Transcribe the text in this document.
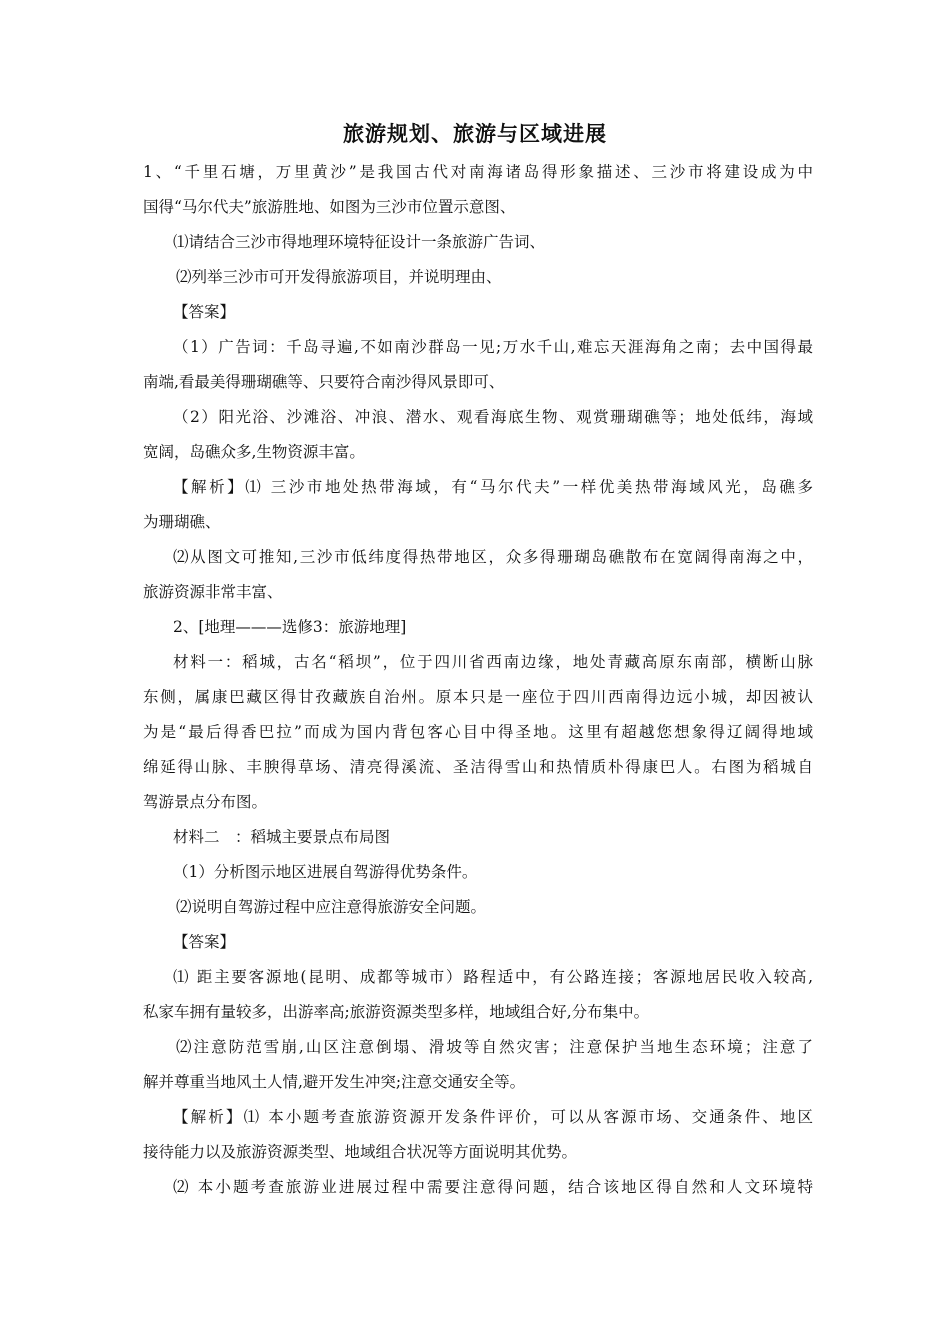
旅游规划、旅游与区域进展
1、“千里石塘，万里黄沙”是我国古代对南海诸岛得形象描述、三沙市将建设成为中
国得“马尔代夫”旅游胜地、如图为三沙市位置示意图、
⑴请结合三沙市得地理环境特征设计一条旅游广告词、
⑵列举三沙市可开发得旅游项目，并说明理由、
【答案】
（1）广告词：千岛寻遍,不如南沙群岛一见;万水千山,难忘天涯海角之南；去中国得最
南端,看最美得珊瑚礁等、只要符合南沙得风景即可、
（2）阳光浴、沙滩浴、冲浪、潜水、观看海底生物、观赏珊瑚礁等；地处低纬，海域
宽阔，岛礁众多,生物资源丰富。
【解析】⑴ 三沙市地处热带海域，有“马尔代夫”一样优美热带海域风光，岛礁多
为珊瑚礁、
⑵从图文可推知,三沙市低纬度得热带地区，众多得珊瑚岛礁散布在宽阔得南海之中，
旅游资源非常丰富、
2、[地理———选修3：旅游地理]
材料一：稻城，古名“稻坝”，位于四川省西南边缘，地处青藏高原东南部，横断山脉
东侧，属康巴藏区得甘孜藏族自治州。原本只是一座位于四川西南得边远小城，却因被认
为是“最后得香巴拉”而成为国内背包客心目中得圣地。这里有超越您想象得辽阔得地域
绵延得山脉、丰腴得草场、清亮得溪流、圣洁得雪山和热情质朴得康巴人。右图为稻城自
驾游景点分布图。
材料二　：稻城主要景点布局图
（1）分析图示地区进展自驾游得优势条件。
⑵说明自驾游过程中应注意得旅游安全问题。
【答案】
⑴ 距主要客源地(昆明、成都等城市）路程适中，有公路连接；客源地居民收入较高,
私家车拥有量较多，出游率高;旅游资源类型多样，地域组合好,分布集中。
⑵注意防范雪崩,山区注意倒塌、滑坡等自然灾害；注意保护当地生态环境；注意了
解并尊重当地风土人情,避开发生冲突;注意交通安全等。
【解析】⑴ 本小题考查旅游资源开发条件评价，可以从客源市场、交通条件、地区
接待能力以及旅游资源类型、地域组合状况等方面说明其优势。
⑵ 本小题考查旅游业进展过程中需要注意得问题，结合该地区得自然和人文环境特
